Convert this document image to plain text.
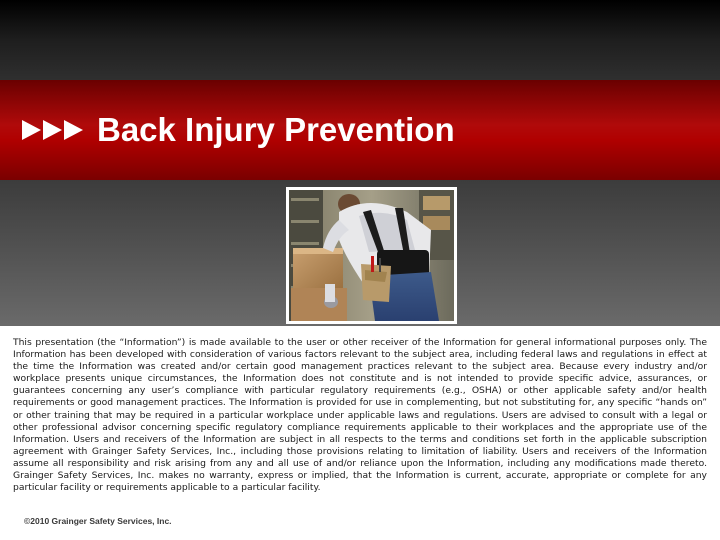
Back Injury Prevention

This presentation (the “Information”) is made available to the user or other receiver of the Information for general informational purposes only. The Information has been developed with consideration of various factors relevant to the subject area, including federal laws and regulations in effect at the time the Information was created and/or certain good management practices relevant to the subject area. Because every industry and/or workplace presents unique circumstances, the Information does not constitute and is not intended to provide specific advice, assurances, or guarantees concerning any user’s compliance with particular regulatory requirements (e.g., OSHA) or other applicable safety and/or health requirements or good management practices. The Information is provided for use in complementing, but not substituting for, any specific “hands on” or other training that may be required in a particular workplace under applicable laws and regulations. Users are advised to consult with a legal or other professional advisor concerning specific regulatory compliance requirements applicable to their workplaces and the appropriate use of the Information. Users and receivers of the Information are subject in all respects to the terms and conditions set forth in the applicable subscription agreement with Grainger Safety Services, Inc., including those provisions relating to limitation of liability. Users and receivers of the Information assume all responsibility and risk arising from any and all use of and/or reliance upon the Information, including any modifications made thereto. Grainger Safety Services, Inc. makes no warranty, express or implied, that the Information is current, accurate, appropriate or complete for any particular facility or requirements applicable to a particular facility.

©2010 Grainger Safety Services, Inc.
